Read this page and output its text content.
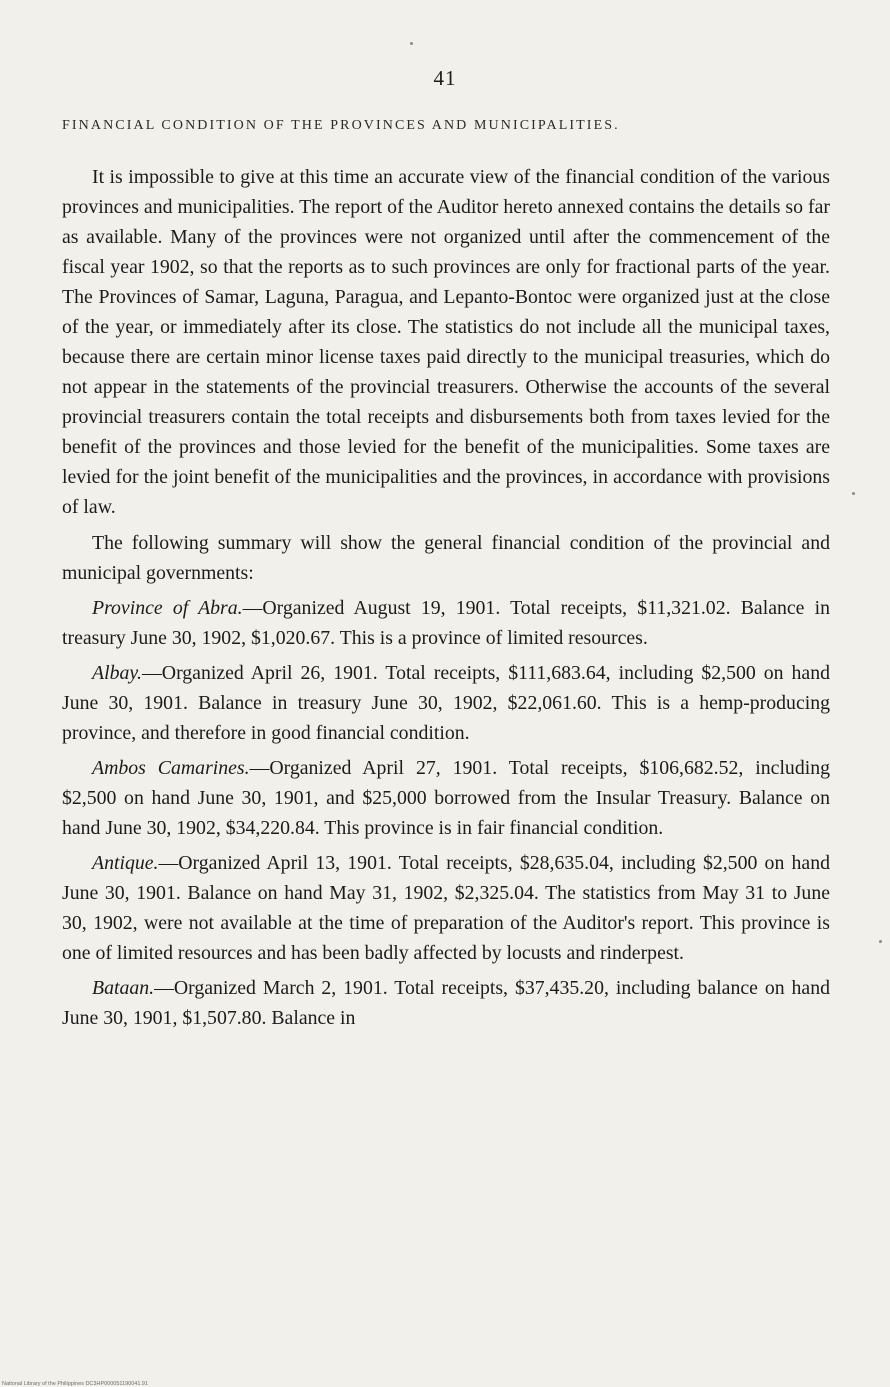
41
FINANCIAL CONDITION OF THE PROVINCES AND MUNICIPALITIES.

It is impossible to give at this time an accurate view of the financial condition of the various provinces and municipalities. The report of the Auditor hereto annexed contains the details so far as available. Many of the provinces were not organized until after the commencement of the fiscal year 1902, so that the reports as to such provinces are only for fractional parts of the year. The Provinces of Samar, Laguna, Paragua, and Lepanto-Bontoc were organized just at the close of the year, or immediately after its close. The statistics do not include all the municipal taxes, because there are certain minor license taxes paid directly to the municipal treasuries, which do not appear in the statements of the provincial treasurers. Otherwise the accounts of the several provincial treasurers contain the total receipts and disbursements both from taxes levied for the benefit of the provinces and those levied for the benefit of the municipalities. Some taxes are levied for the joint benefit of the municipalities and the provinces, in accordance with provisions of law.

The following summary will show the general financial condition of the provincial and municipal governments:

Province of Abra.—Organized August 19, 1901. Total receipts, $11,321.02. Balance in treasury June 30, 1902, $1,020.67. This is a province of limited resources.

Albay.—Organized April 26, 1901. Total receipts, $111,683.64, including $2,500 on hand June 30, 1901. Balance in treasury June 30, 1902, $22,061.60. This is a hemp-producing province, and therefore in good financial condition.

Ambos Camarines.—Organized April 27, 1901. Total receipts, $106,682.52, including $2,500 on hand June 30, 1901, and $25,000 borrowed from the Insular Treasury. Balance on hand June 30, 1902, $34,220.84. This province is in fair financial condition.

Antique.—Organized April 13, 1901. Total receipts, $28,635.04, including $2,500 on hand June 30, 1901. Balance on hand May 31, 1902, $2,325.04. The statistics from May 31 to June 30, 1902, were not available at the time of preparation of the Auditor's report. This province is one of limited resources and has been badly affected by locusts and rinderpest.

Bataan.—Organized March 2, 1901. Total receipts, $37,435.20, including balance on hand June 30, 1901, $1,507.80. Balance in

National Library of the Philippines DC3HP000051190041.91
